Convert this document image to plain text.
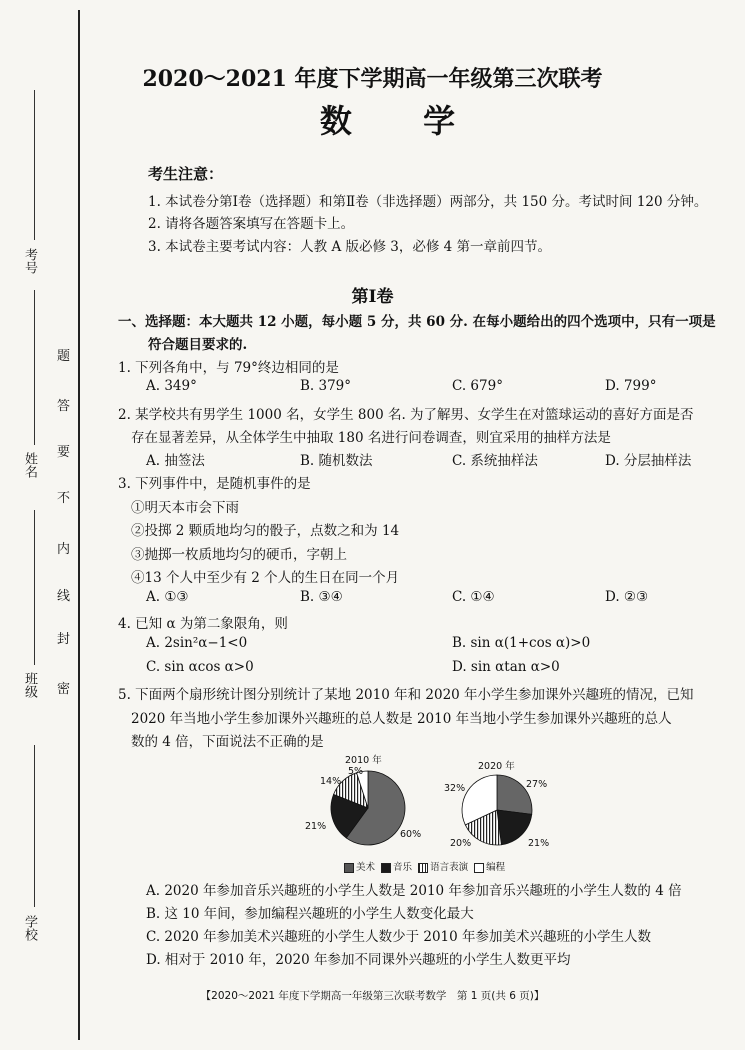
考号
姓名
班级
学校
密
封
线
内
不
要
答
题
2020～2021 年度下学期高一年级第三次联考
数 学
考生注意：
1. 本试卷分第Ⅰ卷（选择题）和第Ⅱ卷（非选择题）两部分，共 150 分。考试时间 120 分钟。
2. 请将各题答案填写在答题卡上。
3. 本试卷主要考试内容：人教 A 版必修 3，必修 4 第一章前四节。
第Ⅰ卷
一、选择题：本大题共 12 小题，每小题 5 分，共 60 分. 在每小题给出的四个选项中，只有一项是
符合题目要求的.
1. 下列各角中，与 79°终边相同的是
A. 349°	B. 379°	C. 679°	D. 799°
2. 某学校共有男学生 1000 名，女学生 800 名. 为了解男、女学生在对篮球运动的喜好方面是否
存在显著差异，从全体学生中抽取 180 名进行问卷调查，则宜采用的抽样方法是
A. 抽签法	B. 随机数法	C. 系统抽样法	D. 分层抽样法
3. 下列事件中，是随机事件的是
①明天本市会下雨
②投掷 2 颗质地均匀的骰子，点数之和为 14
③抛掷一枚质地均匀的硬币，字朝上
④13 个人中至少有 2 个人的生日在同一个月
A. ①③	B. ③④	C. ①④	D. ②③
4. 已知 α 为第二象限角，则
A. 2sin²α−1<0	B. sin α(1+cos α)>0
C. sin αcos α>0	D. sin αtan α>0
5. 下面两个扇形统计图分别统计了某地 2010 年和 2020 年小学生参加课外兴趣班的情况，已知
2020 年当地小学生参加课外兴趣班的总人数是 2010 年当地小学生参加课外兴趣班的总人
数的 4 倍，下面说法不正确的是
2010 年
2020 年
5%
14%
21%
60%
27%
21%
20%
32%
美术 音乐 语言表演 编程
A. 2020 年参加音乐兴趣班的小学生人数是 2010 年参加音乐兴趣班的小学生人数的 4 倍
B. 这 10 年间，参加编程兴趣班的小学生人数变化最大
C. 2020 年参加美术兴趣班的小学生人数少于 2010 年参加美术兴趣班的小学生人数
D. 相对于 2010 年，2020 年参加不同课外兴趣班的小学生人数更平均
【2020～2021 年度下学期高一年级第三次联考数学　第 1 页(共 6 页)】
